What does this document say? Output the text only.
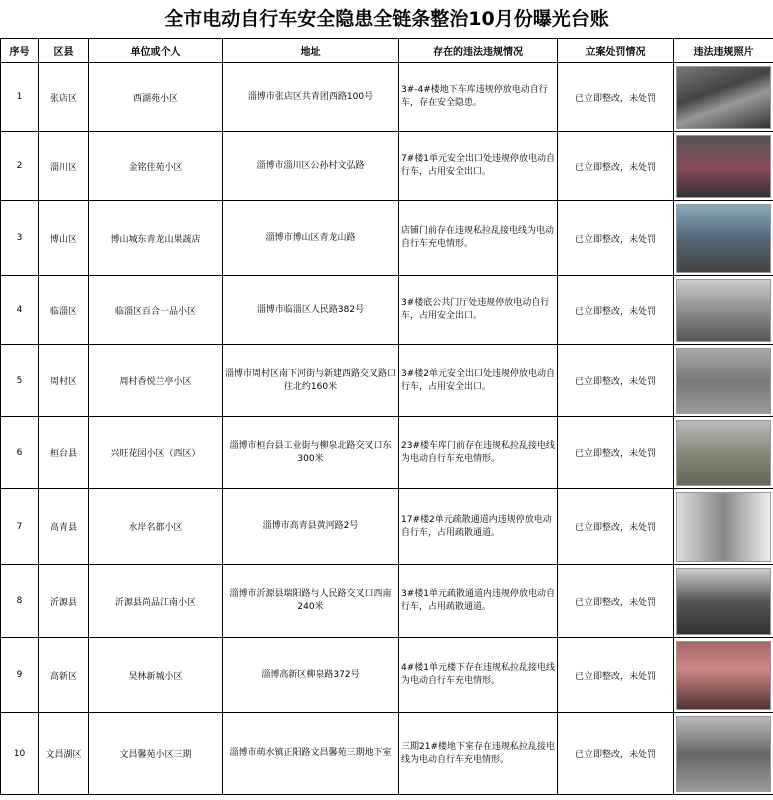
全市电动自行车安全隐患全链条整治10月份曝光台账
序号	区县	单位或个人	地址	存在的违法违规情况	立案处罚情况	违法违规照片
1	张店区	西湖苑小区	淄博市张店区共青团西路100号	3#-4#楼地下车库违规停放电动自行车，存在安全隐患。	已立即整改，未处罚	

2	淄川区	金铭佳苑小区	淄博市淄川区公孙村文弘路	7#楼1单元安全出口处违规停放电动自行车，占用安全出口。	已立即整改，未处罚	

3	博山区	博山城东青龙山果蔬店	淄博市博山区青龙山路	店铺门前存在违规私拉乱接电线为电动自行车充电情形。	已立即整改，未处罚	

4	临淄区	临淄区百合一品小区	淄博市临淄区人民路382号	3#楼底公共门厅处违规停放电动自行车，占用安全出口。	已立即整改，未处罚	

5	周村区	周村香悦兰亭小区	淄博市周村区南下河街与新建西路交叉路口往北约160米	3#楼2单元安全出口处违规停放电动自行车，占用安全出口。	已立即整改，未处罚	

6	桓台县	兴旺花园小区（西区）	淄博市桓台县工业街与柳泉北路交叉口东300米	23#楼车库门前存在违规私拉乱接电线为电动自行车充电情形。	已立即整改，未处罚	

7	高青县	水岸名都小区	淄博市高青县黄河路2号	17#楼2单元疏散通道内违规停放电动自行车，占用疏散通道。	已立即整改，未处罚	

8	沂源县	沂源县尚品江南小区	淄博市沂源县瑞阳路与人民路交叉口西南240米	3#楼1单元疏散通道内违规停放电动自行车，占用疏散通道。	已立即整改，未处罚	

9	高新区	昊林新城小区	淄博高新区柳泉路372号	4#楼1单元楼下存在违规私拉乱接电线为电动自行车充电情形。	已立即整改，未处罚	

10	文昌湖区	文昌馨苑小区三期	淄博市萌水镇正阳路文昌馨苑三期地下室	三期21#楼地下室存在违规私拉乱接电线为电动自行车充电情形。	已立即整改，未处罚	
